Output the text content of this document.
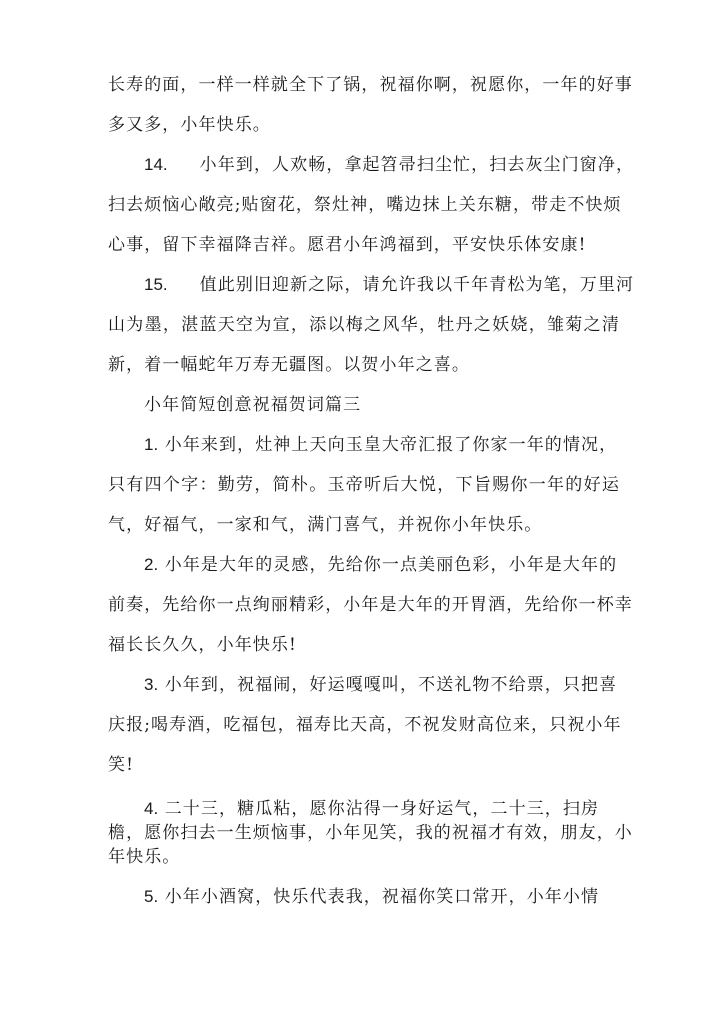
长寿的面，一样一样就全下了锅，祝福你啊，祝愿你，一年的好事
多又多，小年快乐。
14. 小年到，人欢畅，拿起笤帚扫尘忙，扫去灰尘门窗净，
扫去烦恼心敞亮;贴窗花，祭灶神，嘴边抹上关东糖，带走不快烦
心事，留下幸福降吉祥。愿君小年鸿福到，平安快乐体安康!
15. 值此别旧迎新之际，请允许我以千年青松为笔，万里河
山为墨，湛蓝天空为宣，添以梅之风华，牡丹之妖娆，雏菊之清
新，着一幅蛇年万寿无疆图。以贺小年之喜。
小年简短创意祝福贺词篇三
1. 小年来到，灶神上天向玉皇大帝汇报了你家一年的情况，
只有四个字：勤劳，简朴。玉帝听后大悦，下旨赐你一年的好运
气，好福气，一家和气，满门喜气，并祝你小年快乐。
2. 小年是大年的灵感，先给你一点美丽色彩，小年是大年的
前奏，先给你一点绚丽精彩，小年是大年的开胃酒，先给你一杯幸
福长长久久，小年快乐!
3. 小年到，祝福闹，好运嘎嘎叫，不送礼物不给票，只把喜
庆报;喝寿酒，吃福包，福寿比天高，不祝发财高位来，只祝小年
笑!
4. 二十三，糖瓜粘，愿你沾得一身好运气，二十三，扫房
檐，愿你扫去一生烦恼事，小年见笑，我的祝福才有效，朋友，小
年快乐。
5. 小年小酒窝，快乐代表我，祝福你笑口常开，小年小情
